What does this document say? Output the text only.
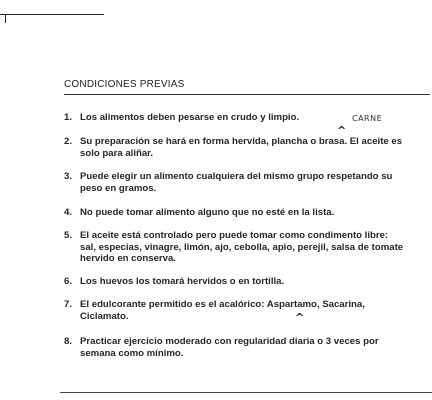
CONDICIONES PREVIAS
CARNE
^
1. Los alimentos deben pesarse en crudo y limpio.
2. Su preparación se hará en forma hervida, plancha o brasa. El aceite es
solo para aliñar.
3. Puede elegir un alimento cualquiera del mismo grupo respetando su
peso en gramos.
4. No puede tomar alimento alguno que no esté en la lista.
5. El aceite está controlado pero puede tomar como condimento libre:
sal, especias, vinagre, limón, ajo, cebolla, apio, perejil, salsa de tomate
hervido en conserva.
6. Los huevos los tomará hervidos o en tortilla.
7. El edulcorante permitido es el acalórico: Aspartamo, Sacarina,
Ciclamato.	^
8. Practicar ejercicio moderado con regularidad diaria o 3 veces por
semana como mínimo.
